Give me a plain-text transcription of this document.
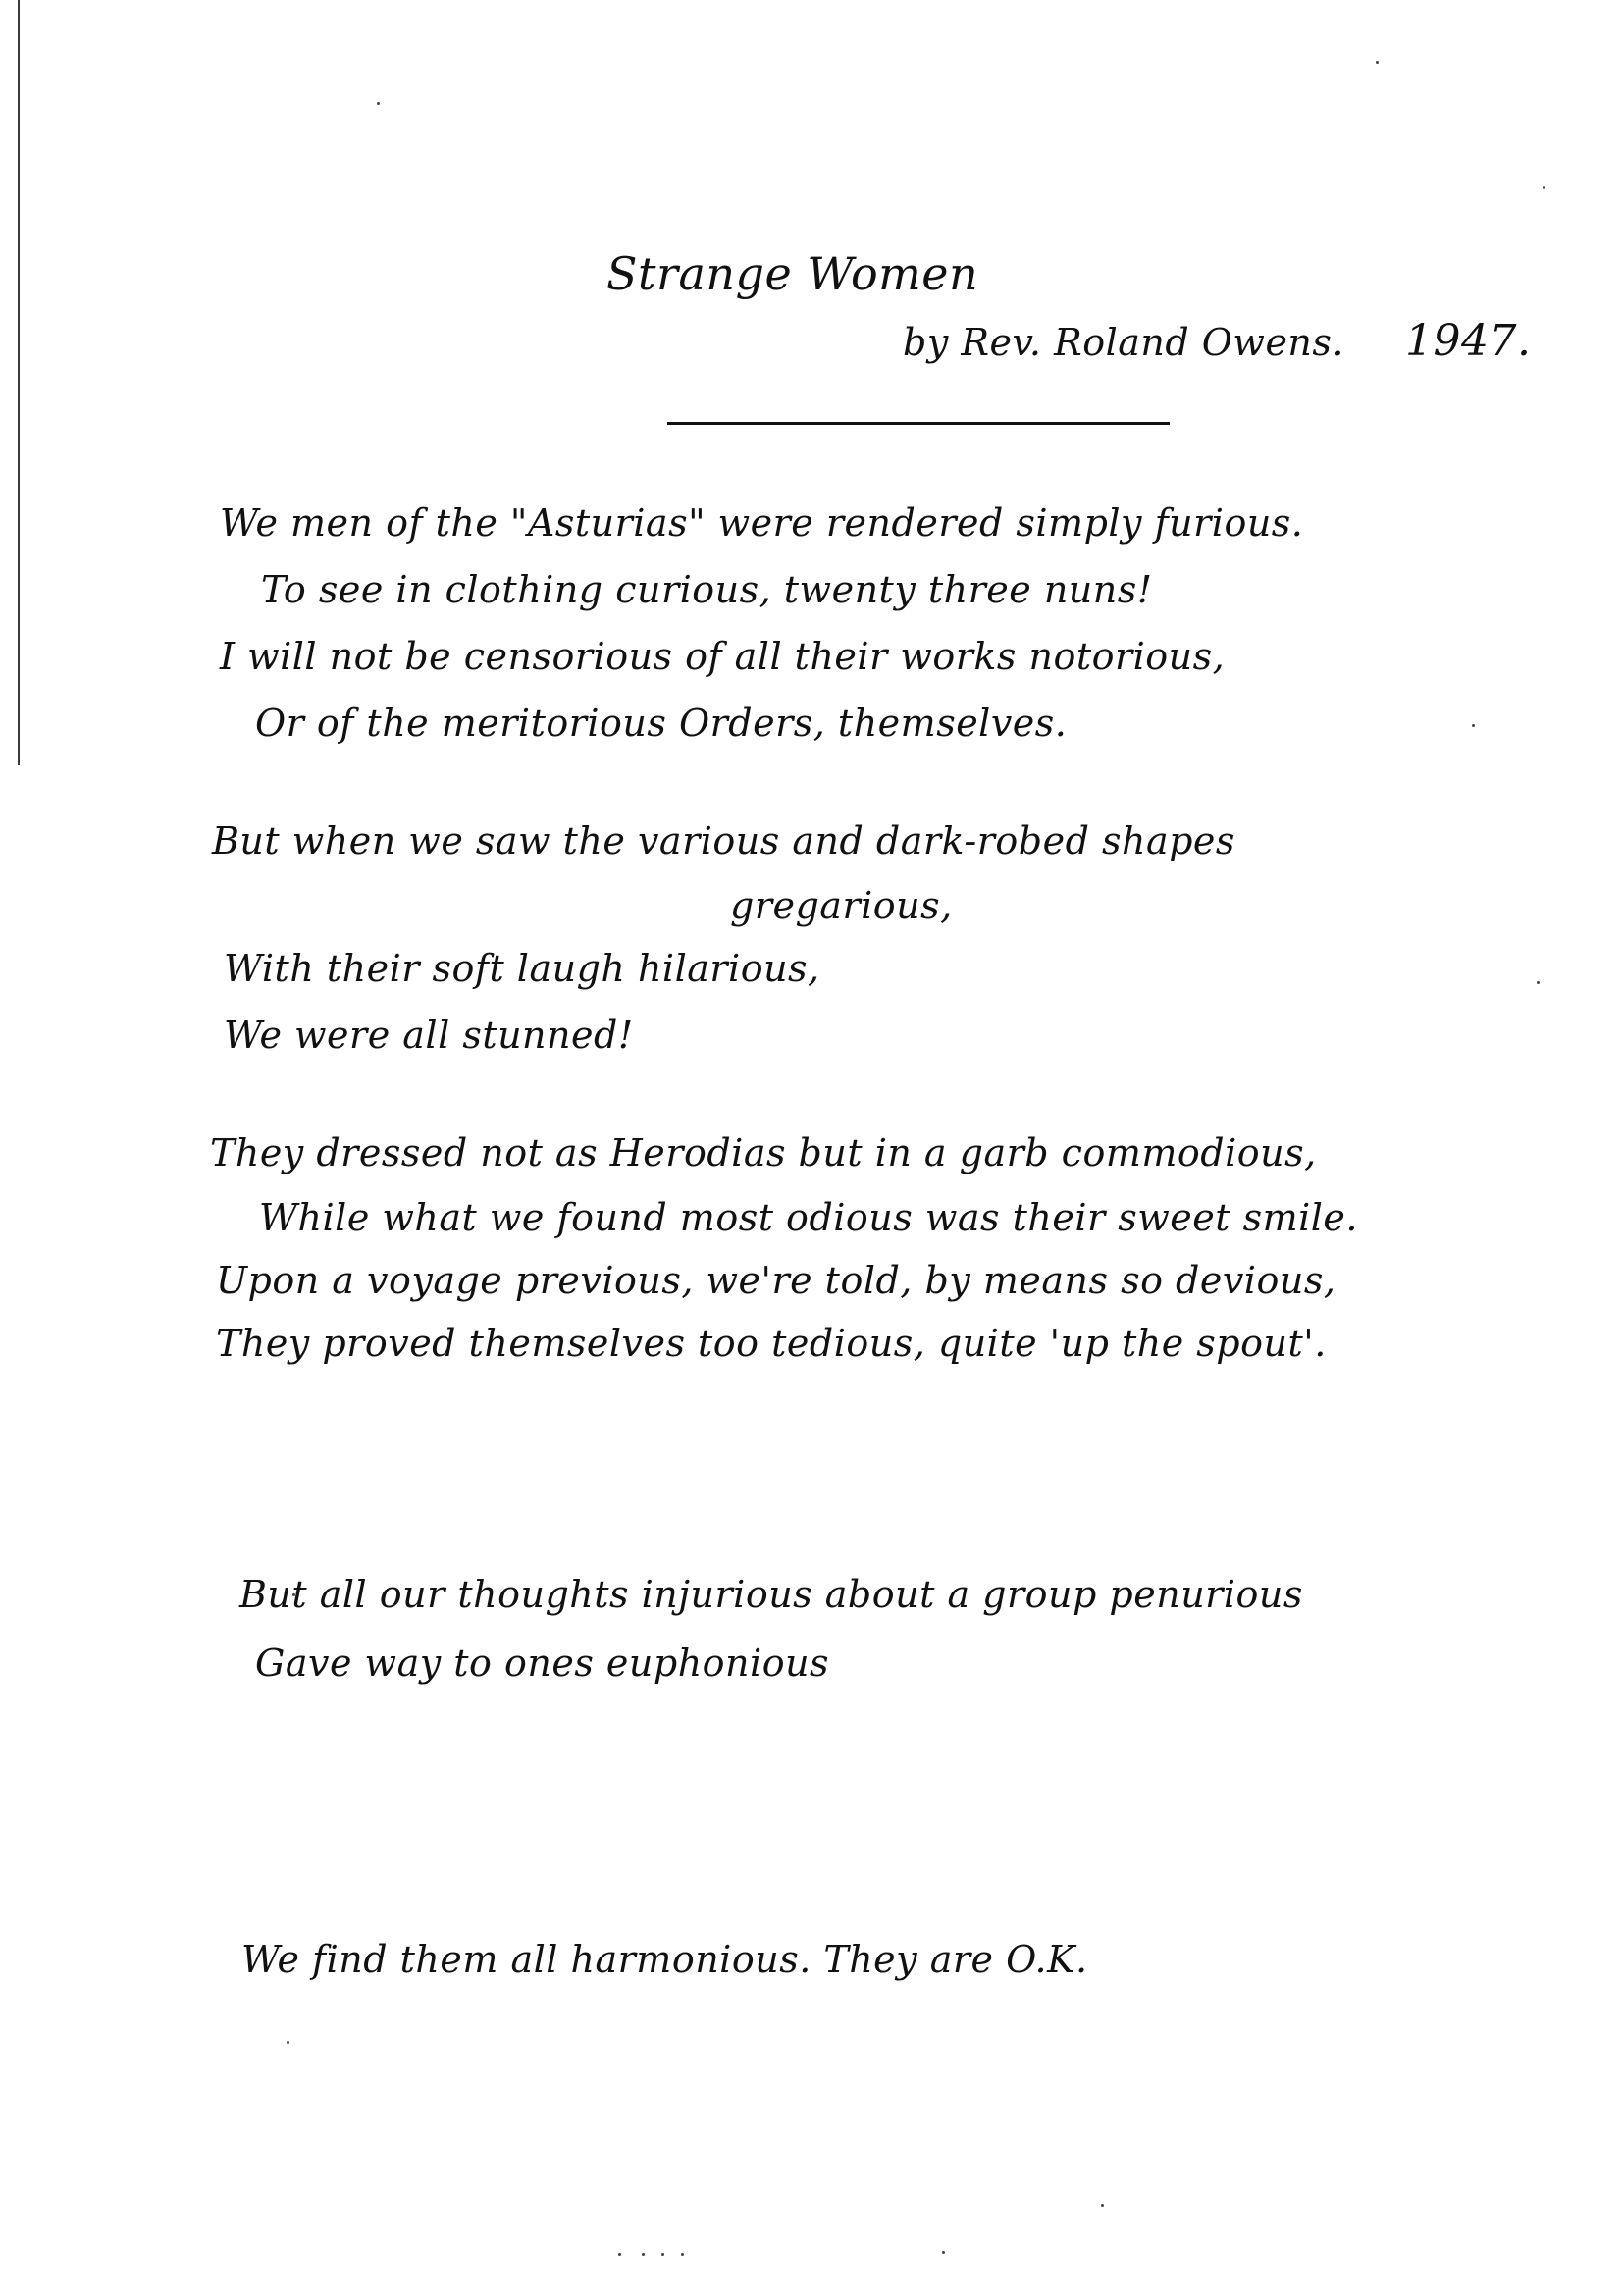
Strange Women
by Rev. Roland Owens. 1947.
We men of the "Asturias" were rendered simply furious.
To see in clothing curious, twenty three nuns!
I will not be censorious of all their works notorious,
Or of the meritorious Orders, themselves.
But when we saw the various and dark-robed shapes
gregarious,
With their soft laugh hilarious,
We were all stunned!
They dressed not as Herodias but in a garb commodious,
While what we found most odious was their sweet smile.
Upon a voyage previous, we're told, by means so devious,
They proved themselves too tedious, quite 'up the spout'.
But all our thoughts injurious about a group penurious
Gave way to ones euphonious
We find them all harmonious. They are O.K.
